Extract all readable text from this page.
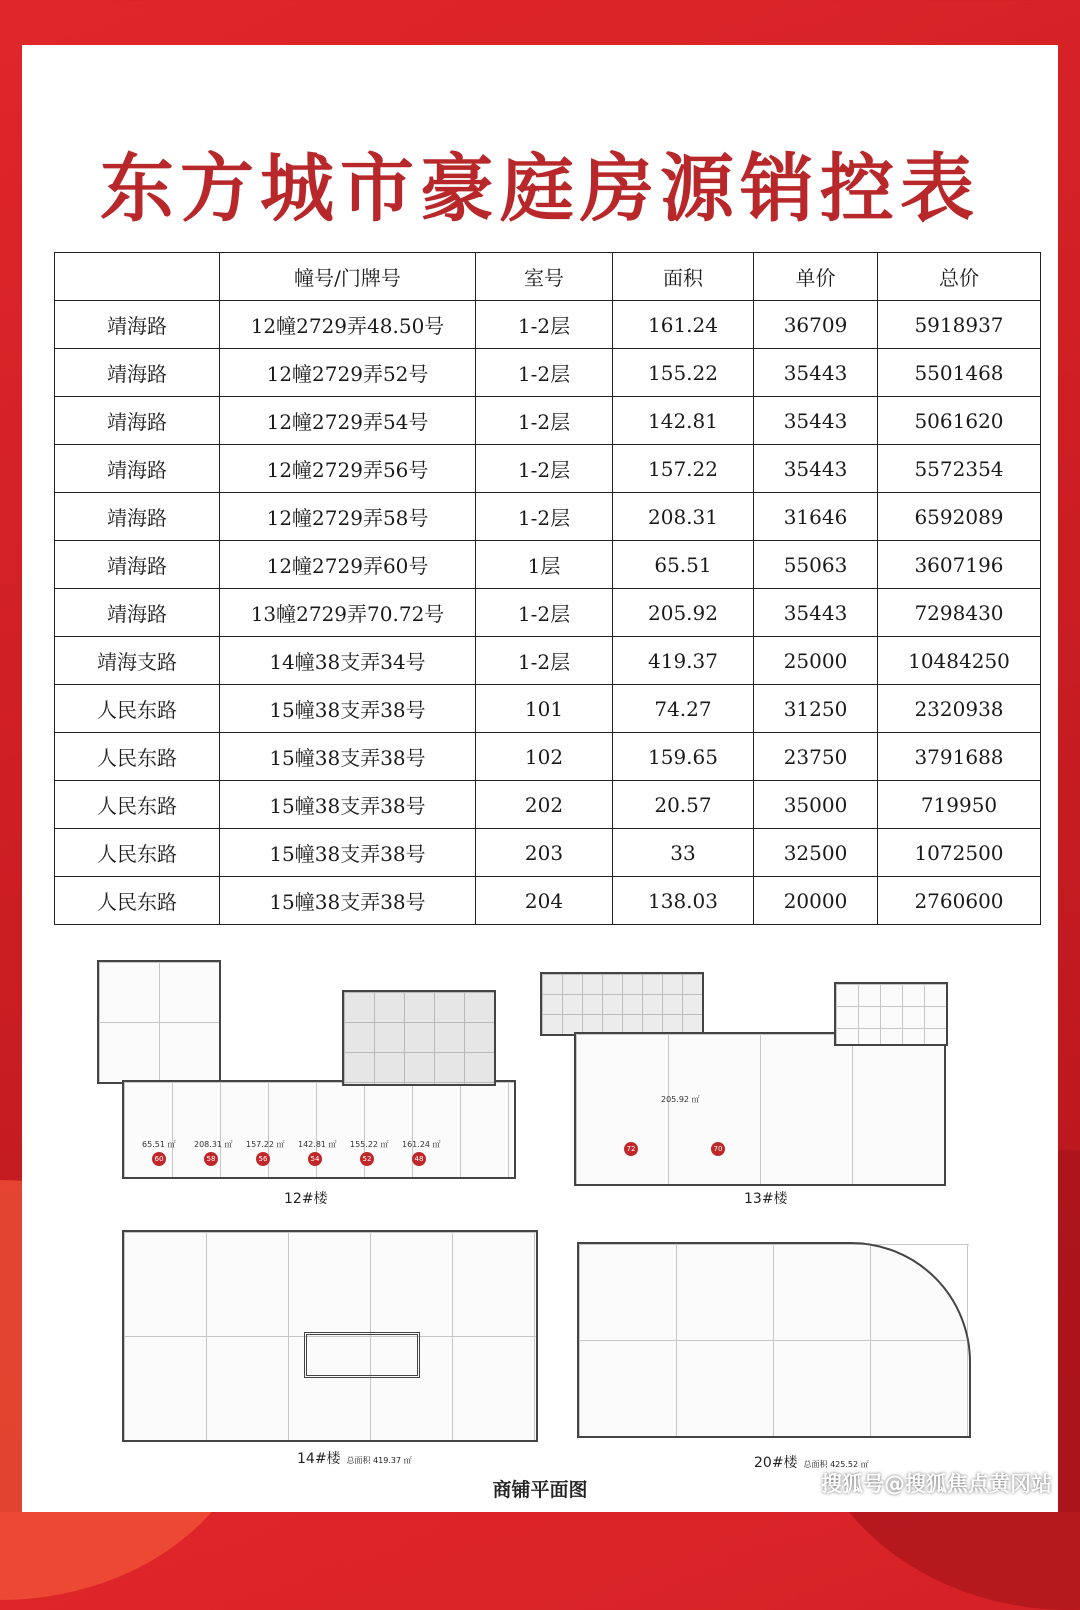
东方城市豪庭房源销控表
	幢号/门牌号	室号	面积	单价	总价
靖海路	12幢2729弄48.50号	1-2层	161.24	36709	5918937
靖海路	12幢2729弄52号	1-2层	155.22	35443	5501468
靖海路	12幢2729弄54号	1-2层	142.81	35443	5061620
靖海路	12幢2729弄56号	1-2层	157.22	35443	5572354
靖海路	12幢2729弄58号	1-2层	208.31	31646	6592089
靖海路	12幢2729弄60号	1层	65.51	55063	3607196
靖海路	13幢2729弄70.72号	1-2层	205.92	35443	7298430
靖海支路	14幢38支弄34号	1-2层	419.37	25000	10484250
人民东路	15幢38支弄38号	101	74.27	31250	2320938
人民东路	15幢38支弄38号	102	159.65	23750	3791688
人民东路	15幢38支弄38号	202	20.57	35000	719950
人民东路	15幢38支弄38号	203	33	32500	1072500
人民东路	15幢38支弄38号	204	138.03	20000	2760600
65.51 ㎡
60
208.31 ㎡
58
157.22 ㎡
56
142.81 ㎡
54
155.22 ㎡
52
161.24 ㎡
48
12#楼
205.92 ㎡
72	70
13#楼
14#楼 总面积 419.37 ㎡	20#楼 总面积 425.52 ㎡
商铺平面图	搜狐号@搜狐焦点黄冈站
